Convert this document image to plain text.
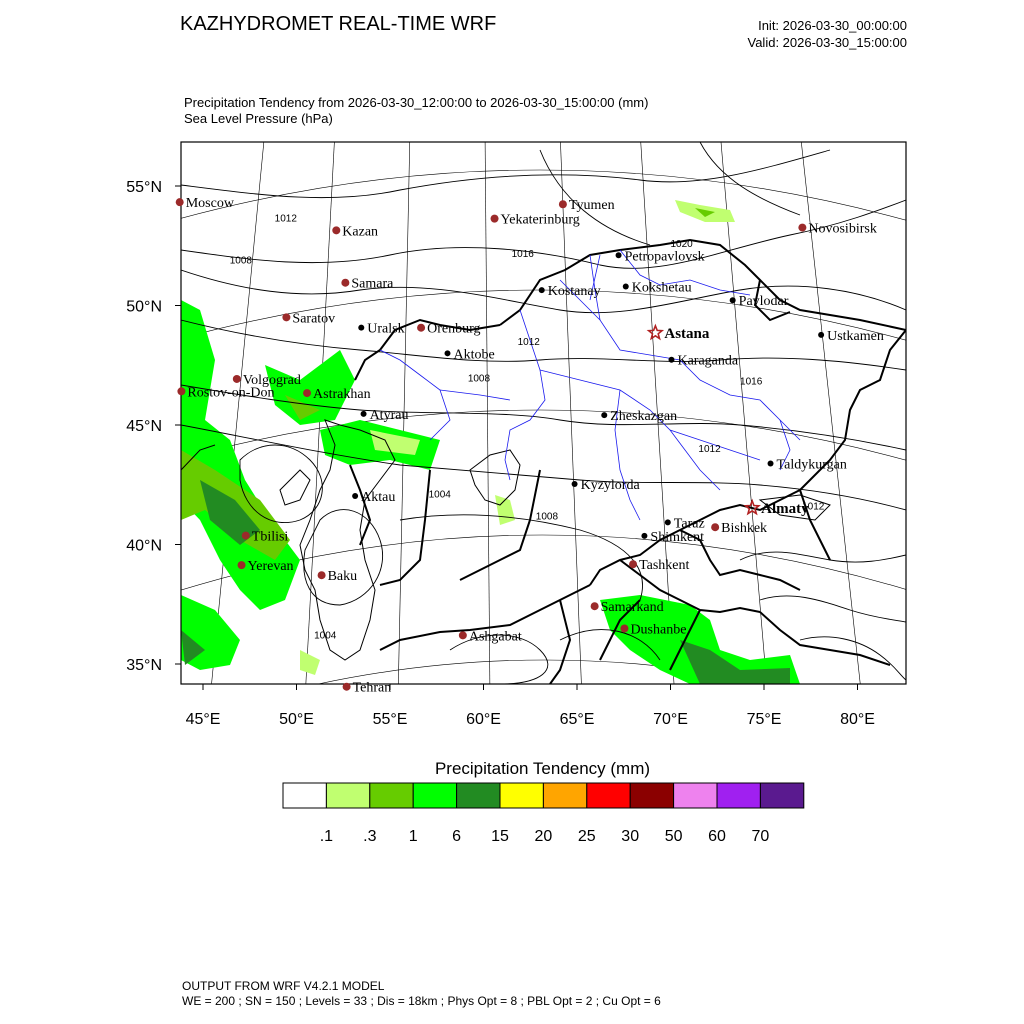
KAZHYDROMET REAL-TIME WRF	Init: 2026-03-30_00:00:00
Valid: 2026-03-30_15:00:00
Precipitation Tendency from 2026-03-30_12:00:00 to 2026-03-30_15:00:00 (mm)
Sea Level Pressure (hPa)
1012
1008
1016
1020
1012
1008	1016
1012
1004
1008
1012
1004
Moscow
Kazan
Tyumen
Yekaterinburg
Novosibirsk
Samara
Saratov
Orenburg
Volgograd
Rostov-on-Don	Astrakhan
Tbilisi
Yerevan
Baku
Tehran
Ashgabat
Samarkand
Dushanbe
Tashkent
Bishkek
Petropavlovsk
Kostanay Kokshetau
Pavlodar
Uralsk
Aktobe
Ustkamen
Karaganda
Atyrau	Zheskazgan
Taldykurgan
Kyzylorda
Aktau
Taraz
Shimkent
Astana
Almaty
45°E	50°E	55°E	60°E	65°E	70°E	75°E	80°E
35°N
40°N
45°N
50°N
55°N
Precipitation Tendency (mm)
.1 .3 1 6 15 20 25 30 50 60 70
OUTPUT FROM WRF V4.2.1 MODEL
WE = 200 ; SN = 150 ; Levels = 33 ; Dis = 18km ; Phys Opt = 8 ; PBL Opt = 2 ; Cu Opt = 6
